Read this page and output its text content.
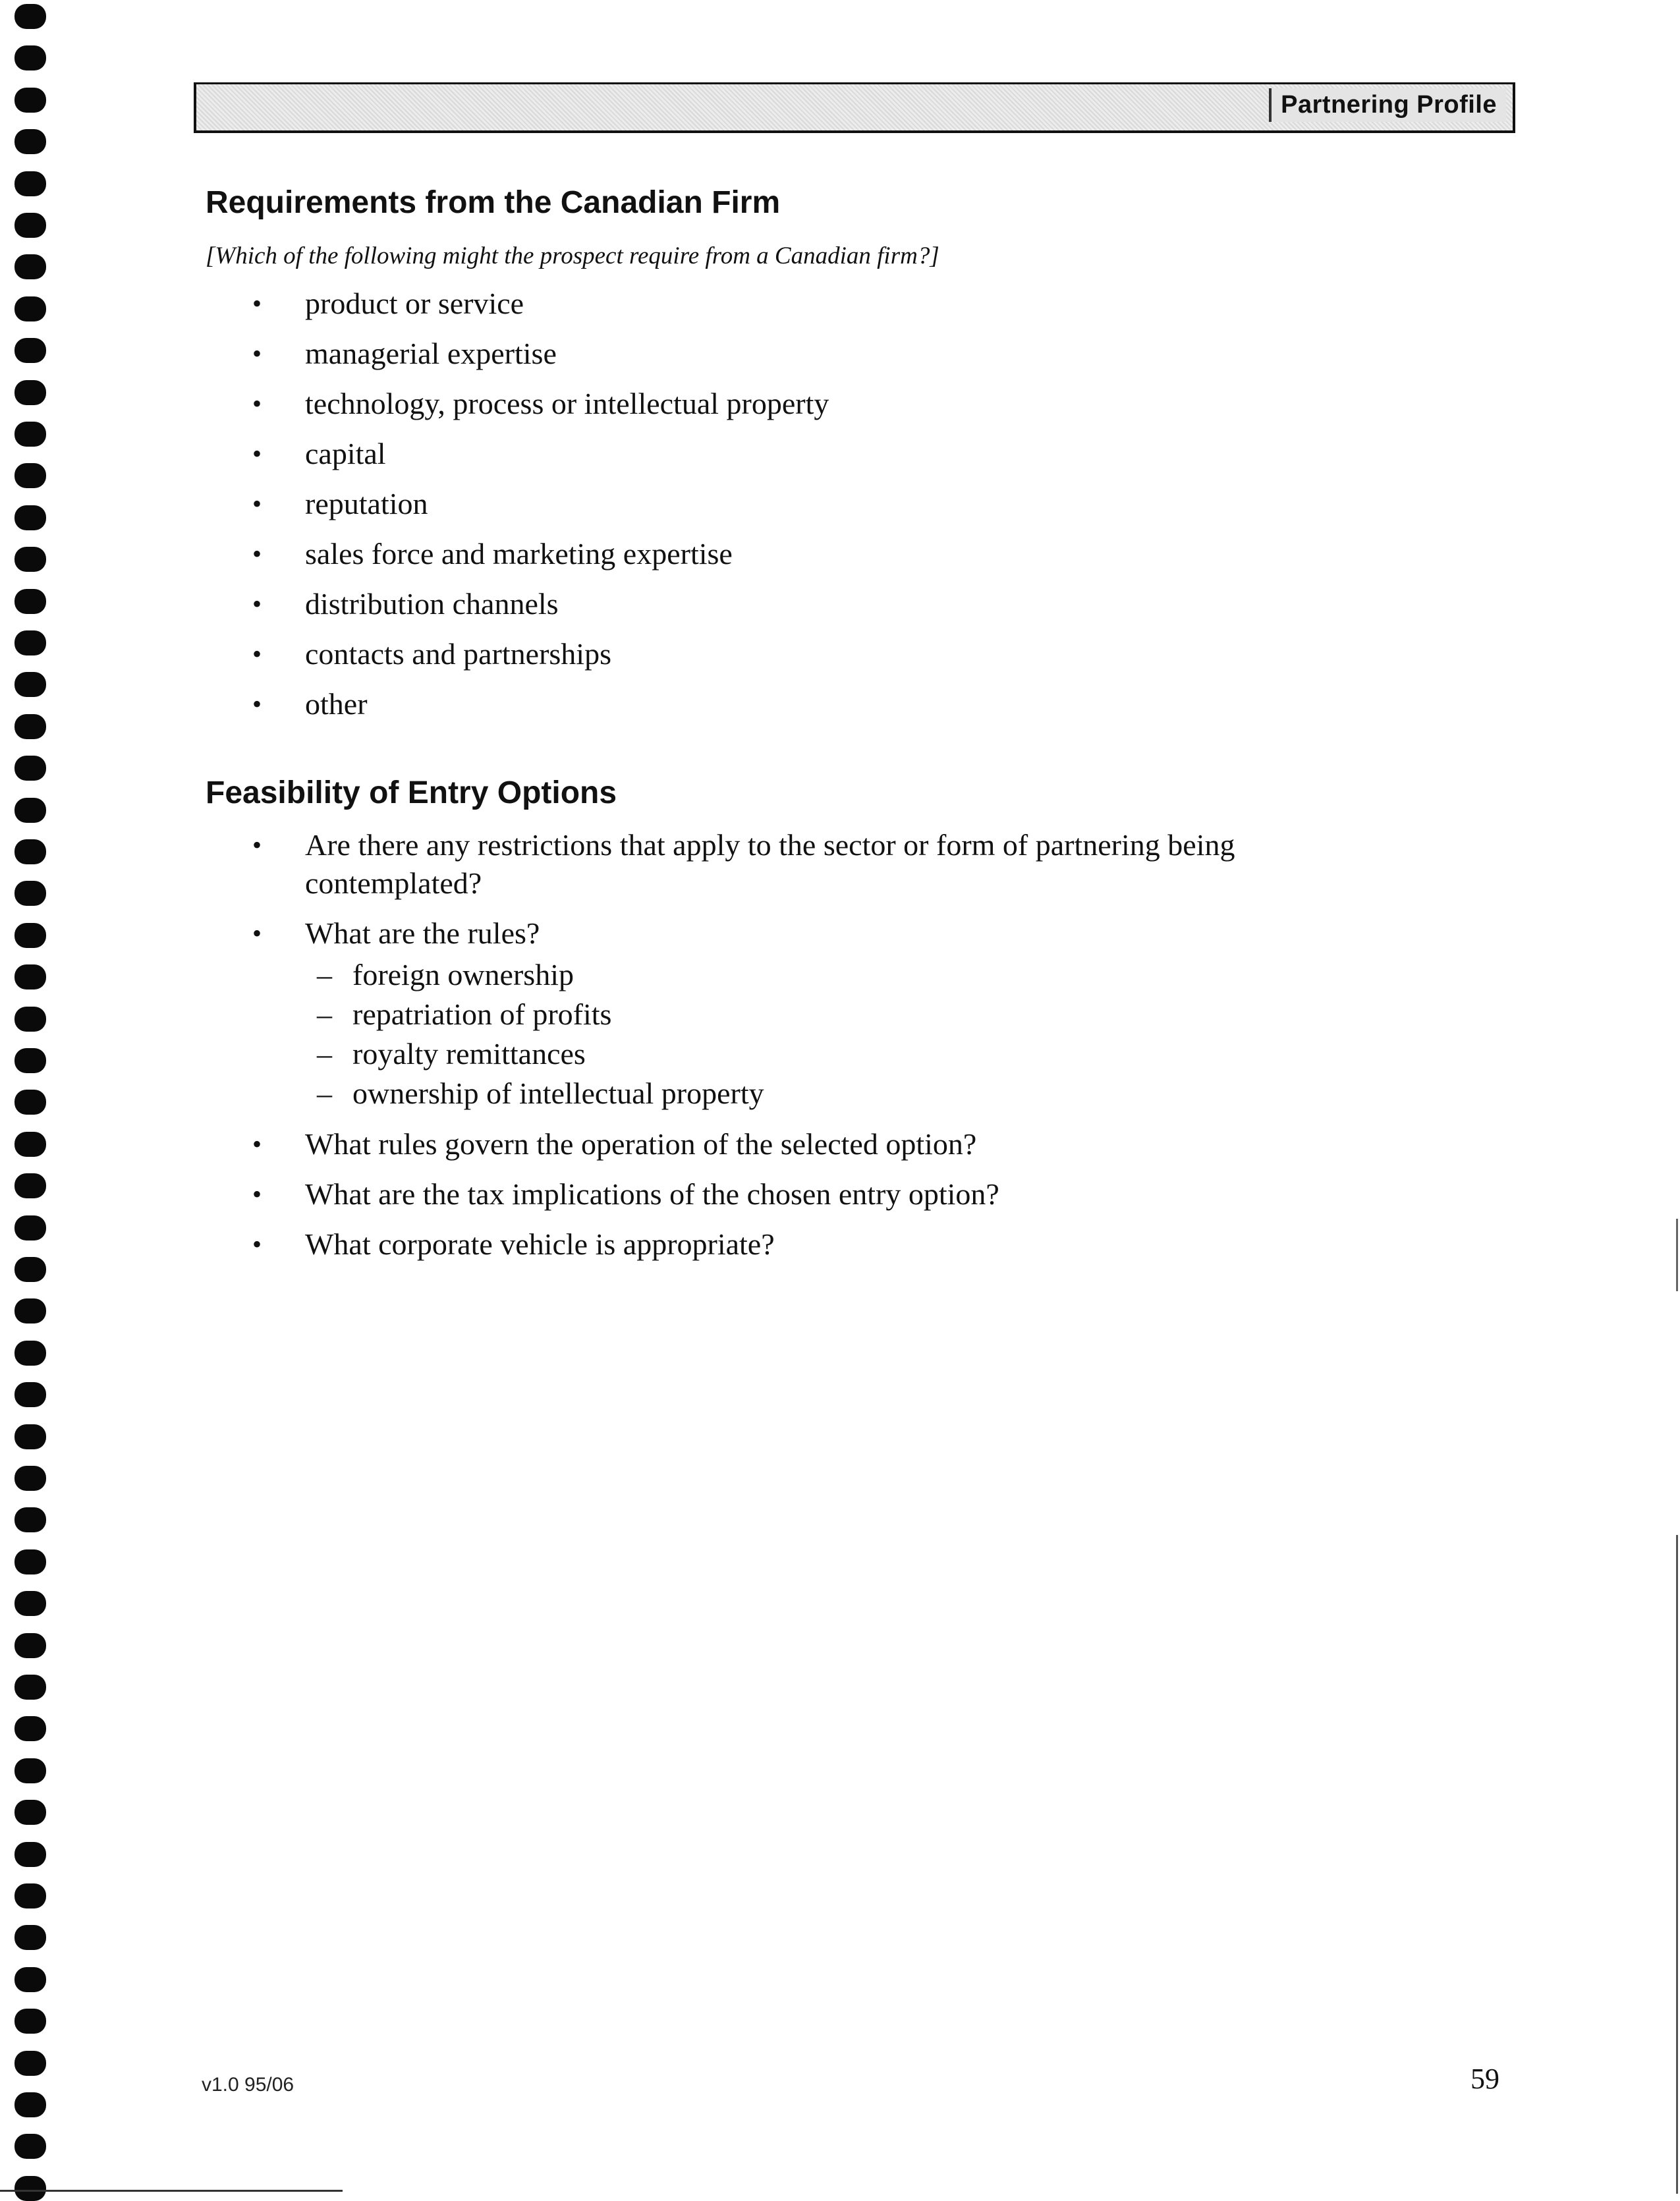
Partnering Profile
Requirements from the Canadian Firm
[Which of the following might the prospect require from a Canadian firm?]
• product or service
• managerial expertise
• technology, process or intellectual property
• capital
• reputation
• sales force and marketing expertise
• distribution channels
• contacts and partnerships
• other
Feasibility of Entry Options
• Are there any restrictions that apply to the sector or form of partnering being contemplated?
• What are the rules?
– foreign ownership
– repatriation of profits
– royalty remittances
– ownership of intellectual property
• What rules govern the operation of the selected option?
• What are the tax implications of the chosen entry option?
• What corporate vehicle is appropriate?
v1.0 95/06	59
